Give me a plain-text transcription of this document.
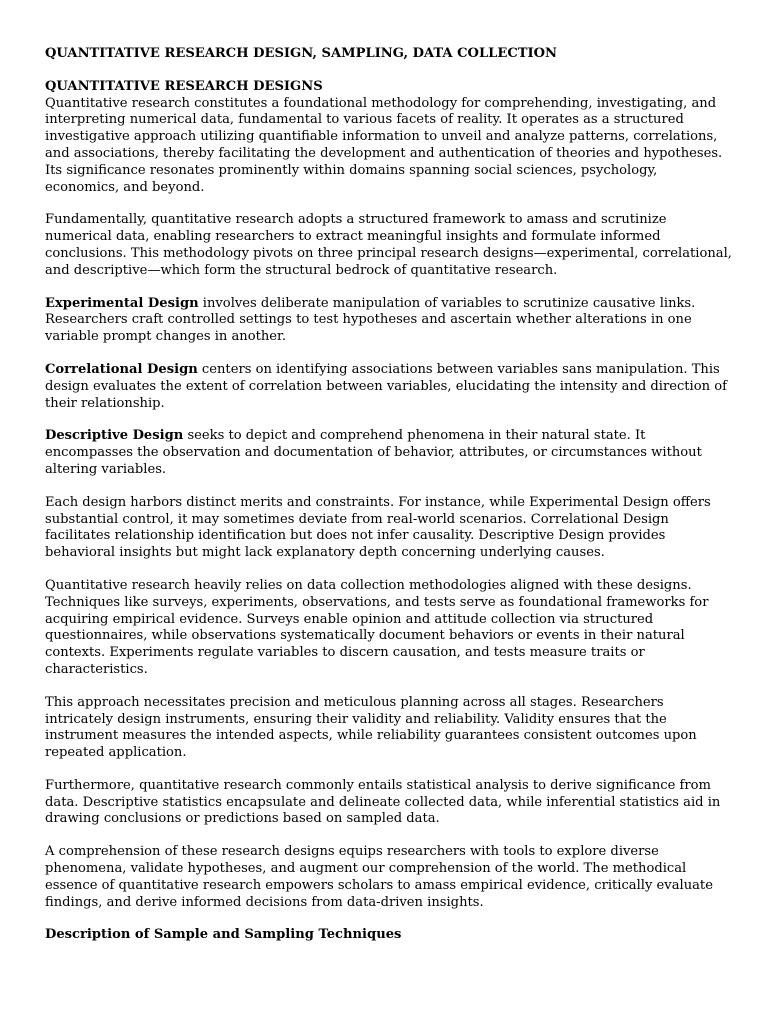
QUANTITATIVE RESEARCH DESIGN, SAMPLING, DATA COLLECTION

QUANTITATIVE RESEARCH DESIGNS

Quantitative research constitutes a foundational methodology for comprehending, investigating, and interpreting numerical data, fundamental to various facets of reality. It operates as a structured investigative approach utilizing quantifiable information to unveil and analyze patterns, correlations, and associations, thereby facilitating the development and authentication of theories and hypotheses. Its significance resonates prominently within domains spanning social sciences, psychology, economics, and beyond.

Fundamentally, quantitative research adopts a structured framework to amass and scrutinize numerical data, enabling researchers to extract meaningful insights and formulate informed conclusions. This methodology pivots on three principal research designs—experimental, correlational, and descriptive—which form the structural bedrock of quantitative research.

Experimental Design involves deliberate manipulation of variables to scrutinize causative links. Researchers craft controlled settings to test hypotheses and ascertain whether alterations in one variable prompt changes in another.

Correlational Design centers on identifying associations between variables sans manipulation. This design evaluates the extent of correlation between variables, elucidating the intensity and direction of their relationship.

Descriptive Design seeks to depict and comprehend phenomena in their natural state. It encompasses the observation and documentation of behavior, attributes, or circumstances without altering variables.

Each design harbors distinct merits and constraints. For instance, while Experimental Design offers substantial control, it may sometimes deviate from real-world scenarios. Correlational Design facilitates relationship identification but does not infer causality. Descriptive Design provides behavioral insights but might lack explanatory depth concerning underlying causes.

Quantitative research heavily relies on data collection methodologies aligned with these designs. Techniques like surveys, experiments, observations, and tests serve as foundational frameworks for acquiring empirical evidence. Surveys enable opinion and attitude collection via structured questionnaires, while observations systematically document behaviors or events in their natural contexts. Experiments regulate variables to discern causation, and tests measure traits or characteristics.

This approach necessitates precision and meticulous planning across all stages. Researchers intricately design instruments, ensuring their validity and reliability. Validity ensures that the instrument measures the intended aspects, while reliability guarantees consistent outcomes upon repeated application.

Furthermore, quantitative research commonly entails statistical analysis to derive significance from data. Descriptive statistics encapsulate and delineate collected data, while inferential statistics aid in drawing conclusions or predictions based on sampled data.

A comprehension of these research designs equips researchers with tools to explore diverse phenomena, validate hypotheses, and augment our comprehension of the world. The methodical essence of quantitative research empowers scholars to amass empirical evidence, critically evaluate findings, and derive informed decisions from data-driven insights.

Description of Sample and Sampling Techniques
